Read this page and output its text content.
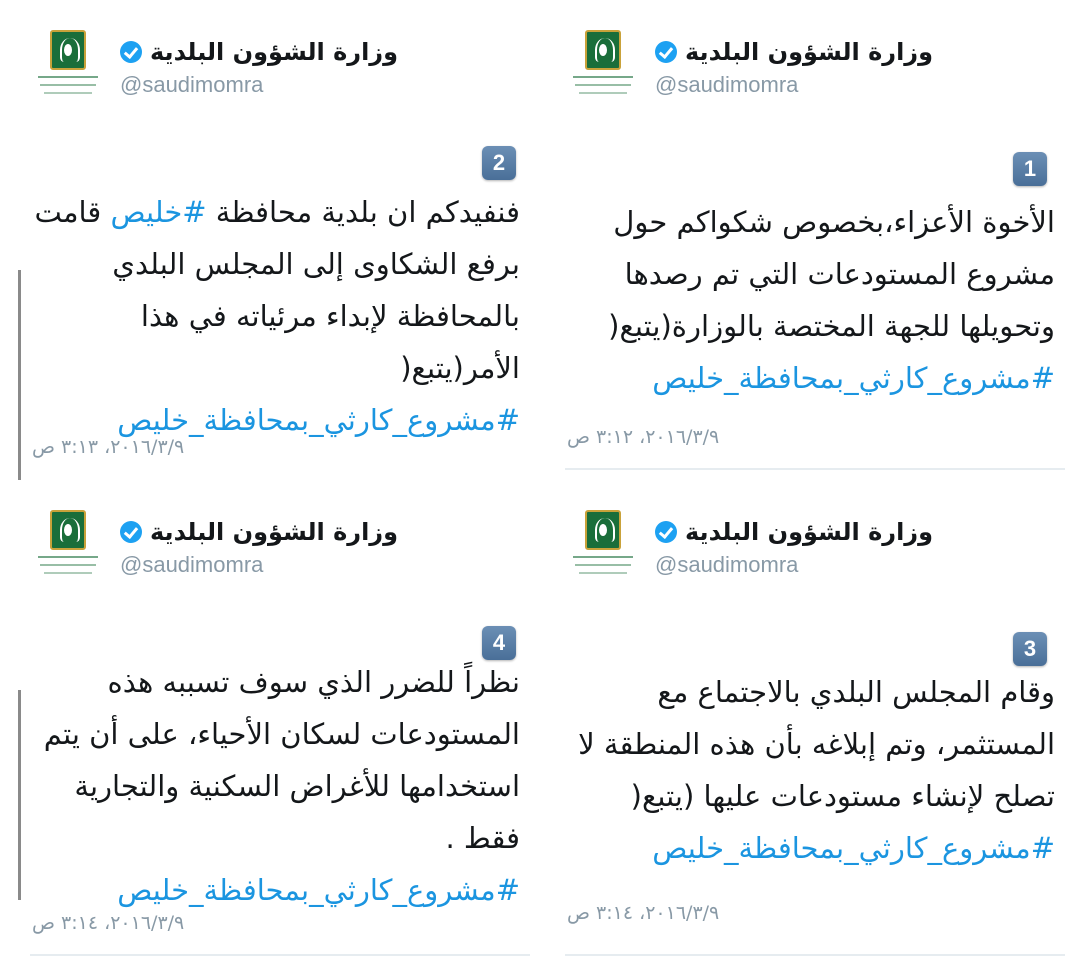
وزارة الشؤون البلدية
@saudimomra
1
الأخوة الأعزاء،بخصوص شكواكم حول
مشروع المستودعات التي تم رصدها
وتحويلها للجهة المختصة بالوزارة(يتبع(
#مشروع_كارثي_بمحافظة_خليص
٢٠١٦/٣/٩، ٣:١٢ ص
وزارة الشؤون البلدية
@saudimomra
2
فنفيدكم ان بلدية محافظة #خليص قامت
برفع الشكاوى إلى المجلس البلدي
بالمحافظة لإبداء مرئياته في هذا
الأمر(يتبع(
#مشروع_كارثي_بمحافظة_خليص
٢٠١٦/٣/٩، ٣:١٣ ص
وزارة الشؤون البلدية
@saudimomra
3
وقام المجلس البلدي بالاجتماع مع
المستثمر، وتم إبلاغه بأن هذه المنطقة لا
تصلح لإنشاء مستودعات عليها (يتبع(
#مشروع_كارثي_بمحافظة_خليص
٢٠١٦/٣/٩، ٣:١٤ ص
وزارة الشؤون البلدية
@saudimomra
4
نظراً للضرر الذي سوف تسببه هذه
المستودعات لسكان الأحياء، على أن يتم
استخدامها للأغراض السكنية والتجارية
فقط .
#مشروع_كارثي_بمحافظة_خليص
٢٠١٦/٣/٩، ٣:١٤ ص
